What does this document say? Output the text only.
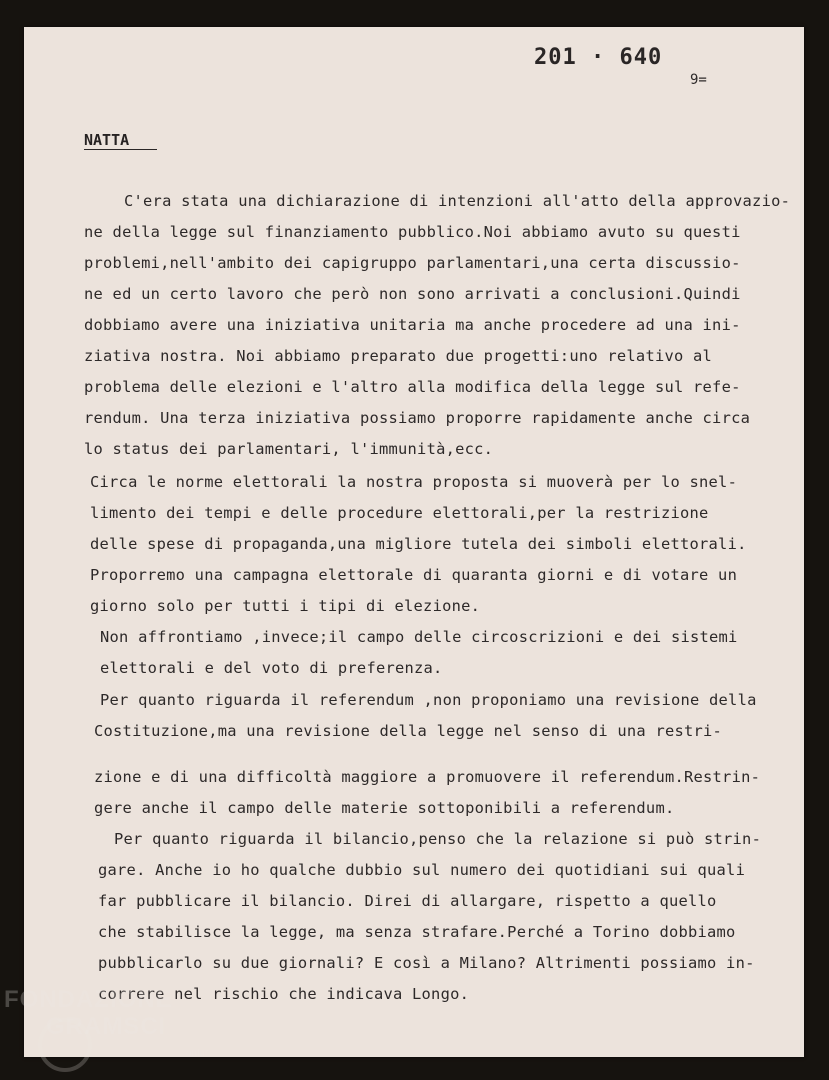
201 · 640
9=
NATTA
C'era stata una dichiarazione di intenzioni all'atto della approvazio-
ne della legge sul finanziamento pubblico.Noi abbiamo avuto su questi
problemi,nell'ambito dei capigruppo parlamentari,una certa discussio-
ne ed un certo lavoro che però non sono arrivati a conclusioni.Quindi
dobbiamo avere una iniziativa unitaria ma anche procedere ad una ini-
ziativa nostra. Noi abbiamo preparato due progetti:uno relativo al
problema delle elezioni e l'altro alla modifica della legge sul refe-
rendum. Una terza iniziativa possiamo proporre rapidamente anche circa
lo status dei parlamentari, l'immunità,ecc.
Circa le norme elettorali la nostra proposta si muoverà per lo snel-
limento dei tempi e delle procedure elettorali,per la restrizione
delle spese di propaganda,una migliore tutela dei simboli elettorali.
Proporremo una campagna elettorale di quaranta giorni e di votare un
giorno solo per tutti i tipi di elezione.
Non affrontiamo ,invece;il campo delle circoscrizioni e dei sistemi
elettorali e del voto di preferenza.
Per quanto riguarda il referendum ,non proponiamo una revisione della
Costituzione,ma una revisione della legge nel senso di una restri-
zione e di una difficoltà maggiore a promuovere il referendum.Restrin-
gere anche il campo delle materie sottoponibili a referendum.
Per quanto riguarda il bilancio,penso che la relazione si può strin-
gare. Anche io ho qualche dubbio sul numero dei quotidiani sui quali
far pubblicare il bilancio. Direi di allargare, rispetto a quello
che stabilisce la legge, ma senza strafare.Perché a Torino dobbiamo
pubblicarlo su due giornali? E così a Milano? Altrimenti possiamo in-
correre nel rischio che indicava Longo.
FONDAZIONE
GRAMSCI
onlus
